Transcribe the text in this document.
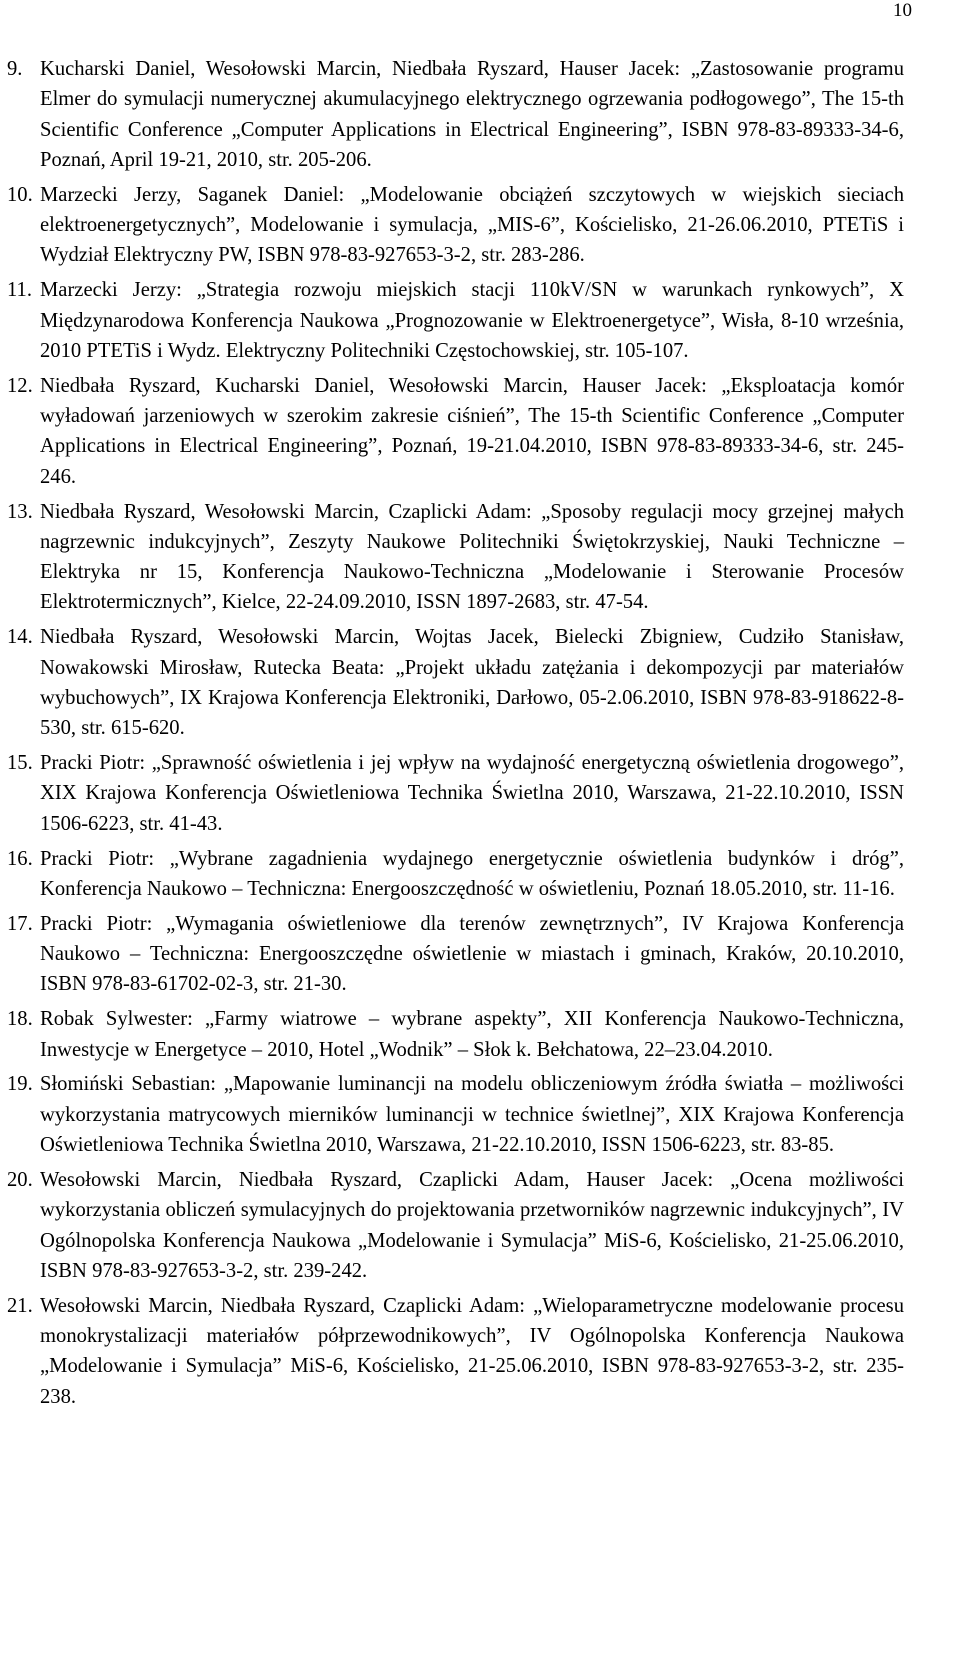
10
9. Kucharski Daniel, Wesołowski Marcin, Niedbała Ryszard, Hauser Jacek: „Zastosowanie programu Elmer do symulacji numerycznej akumulacyjnego elektrycznego ogrzewania podłogowego”, The 15-th Scientific Conference „Computer Applications in Electrical Engineering”, ISBN 978-83-89333-34-6, Poznań, April 19-21, 2010, str. 205-206.
10. Marzecki Jerzy, Saganek Daniel: „Modelowanie obciążeń szczytowych w wiejskich sieciach elektroenergetycznych”, Modelowanie i symulacja, „MIS-6”, Kościelisko, 21-26.06.2010, PTETiS i Wydział Elektryczny PW, ISBN 978-83-927653-3-2, str. 283-286.
11. Marzecki Jerzy: „Strategia rozwoju miejskich stacji 110kV/SN w warunkach rynkowych”, X Międzynarodowa Konferencja Naukowa „Prognozowanie w Elektroenergetyce”, Wisła, 8-10 września, 2010 PTETiS i Wydz. Elektryczny Politechniki Częstochowskiej, str. 105-107.
12. Niedbała Ryszard, Kucharski Daniel, Wesołowski Marcin, Hauser Jacek: „Eksploatacja komór wyładowań jarzeniowych w szerokim zakresie ciśnień”, The 15-th Scientific Conference „Computer Applications in Electrical Engineering”, Poznań, 19-21.04.2010, ISBN 978-83-89333-34-6, str. 245-246.
13. Niedbała Ryszard, Wesołowski Marcin, Czaplicki Adam: „Sposoby regulacji mocy grzejnej małych nagrzewnic indukcyjnych”, Zeszyty Naukowe Politechniki Świętokrzyskiej, Nauki Techniczne – Elektryka nr 15, Konferencja Naukowo-Techniczna „Modelowanie i Sterowanie Procesów Elektrotermicznych”, Kielce, 22-24.09.2010, ISSN 1897-2683, str. 47-54.
14. Niedbała Ryszard, Wesołowski Marcin, Wojtas Jacek, Bielecki Zbigniew, Cudziło Stanisław, Nowakowski Mirosław, Rutecka Beata: „Projekt układu zatężania i dekompozycji par materiałów wybuchowych”, IX Krajowa Konferencja Elektroniki, Darłowo, 05-2.06.2010, ISBN 978-83-918622-8-530, str. 615-620.
15. Pracki Piotr: „Sprawność oświetlenia i jej wpływ na wydajność energetyczną oświetlenia drogowego”, XIX Krajowa Konferencja Oświetleniowa Technika Świetlna 2010, Warszawa, 21-22.10.2010, ISSN 1506-6223, str. 41-43.
16. Pracki Piotr: „Wybrane zagadnienia wydajnego energetycznie oświetlenia budynków i dróg”, Konferencja Naukowo – Techniczna: Energooszczędność w oświetleniu, Poznań 18.05.2010, str. 11-16.
17. Pracki Piotr: „Wymagania oświetleniowe dla terenów zewnętrznych”, IV Krajowa Konferencja Naukowo – Techniczna: Energooszczędne oświetlenie w miastach i gminach, Kraków, 20.10.2010, ISBN 978-83-61702-02-3, str. 21-30.
18. Robak Sylwester: „Farmy wiatrowe – wybrane aspekty”, XII Konferencja Naukowo-Techniczna, Inwestycje w Energetyce – 2010, Hotel „Wodnik” – Słok k. Bełchatowa, 22–23.04.2010.
19. Słomiński Sebastian: „Mapowanie luminancji na modelu obliczeniowym źródła światła – możliwości wykorzystania matrycowych mierników luminancji w technice świetlnej”, XIX Krajowa Konferencja Oświetleniowa Technika Świetlna 2010, Warszawa, 21-22.10.2010, ISSN 1506-6223, str. 83-85.
20. Wesołowski Marcin, Niedbała Ryszard, Czaplicki Adam, Hauser Jacek: „Ocena możliwości wykorzystania obliczeń symulacyjnych do projektowania przetworników nagrzewnic indukcyjnych”, IV Ogólnopolska Konferencja Naukowa „Modelowanie i Symulacja” MiS-6, Kościelisko, 21-25.06.2010, ISBN 978-83-927653-3-2, str. 239-242.
21. Wesołowski Marcin, Niedbała Ryszard, Czaplicki Adam: „Wieloparametryczne modelowanie procesu monokrystalizacji materiałów półprzewodnikowych”, IV Ogólnopolska Konferencja Naukowa „Modelowanie i Symulacja” MiS-6, Kościelisko, 21-25.06.2010, ISBN 978-83-927653-3-2, str. 235-238.
